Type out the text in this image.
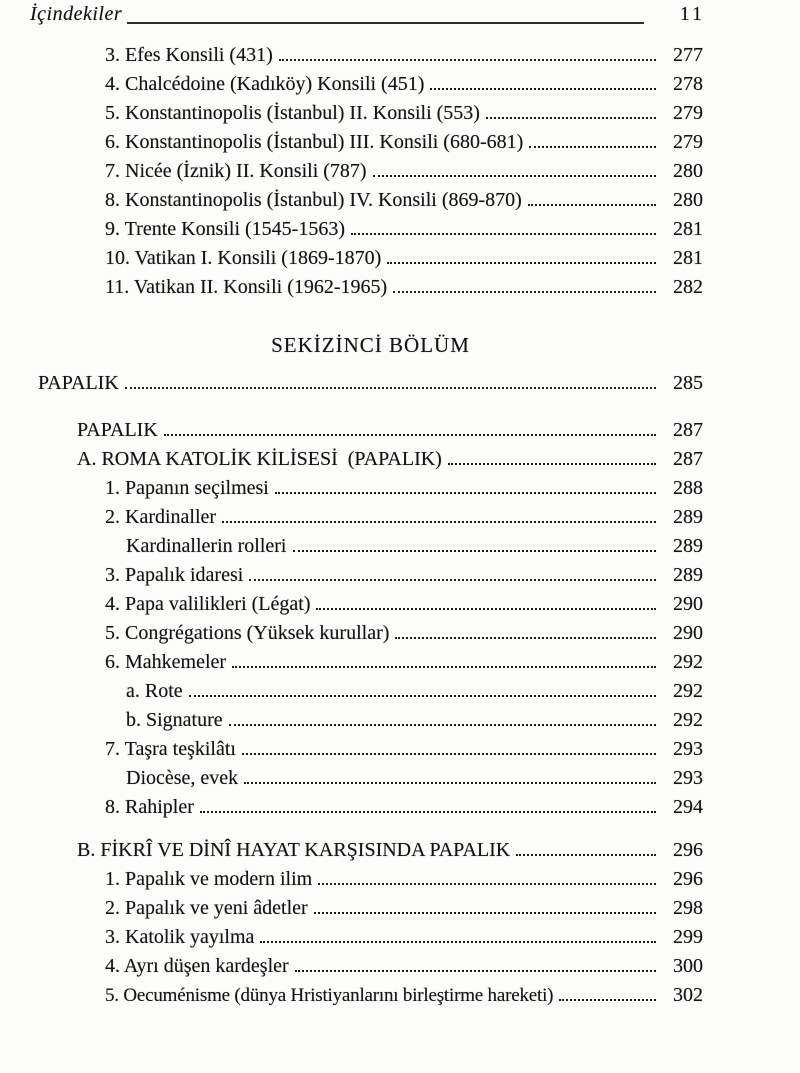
İçindekiler	11
3. Efes Konsili (431)	277
4. Chalcédoine (Kadıköy) Konsili (451)	278
5. Konstantinopolis (İstanbul) II. Konsili (553)	279
6. Konstantinopolis (İstanbul) III. Konsili (680-681)	279
7. Nicée (İznik) II. Konsili (787)	280
8. Konstantinopolis (İstanbul) IV. Konsili (869-870)	280
9. Trente Konsili (1545-1563)	281
10. Vatikan I. Konsili (1869-1870)	281
11. Vatikan II. Konsili (1962-1965)	282
SEKİZİNCİ BÖLÜM
PAPALIK	285
PAPALIK	287
A. ROMA KATOLİK KİLİSESİ  (PAPALIK)	287
1. Papanın seçilmesi	288
2. Kardinaller	289
Kardinallerin rolleri	289
3. Papalık idaresi	289
4. Papa valilikleri (Légat)	290
5. Congrégations (Yüksek kurullar)	290
6. Mahkemeler	292
a. Rote	292
b. Signature	292
7. Taşra teşkilâtı	293
Diocèse, evek	293
8. Rahipler	294
B. FİKRÎ VE DİNÎ HAYAT KARŞISINDA PAPALIK	296
1. Papalık ve modern ilim	296
2. Papalık ve yeni âdetler	298
3. Katolik yayılma	299
4. Ayrı düşen kardeşler	300
5. Oecuménisme (dünya Hristiyanlarını birleştirme hareketi)	302
